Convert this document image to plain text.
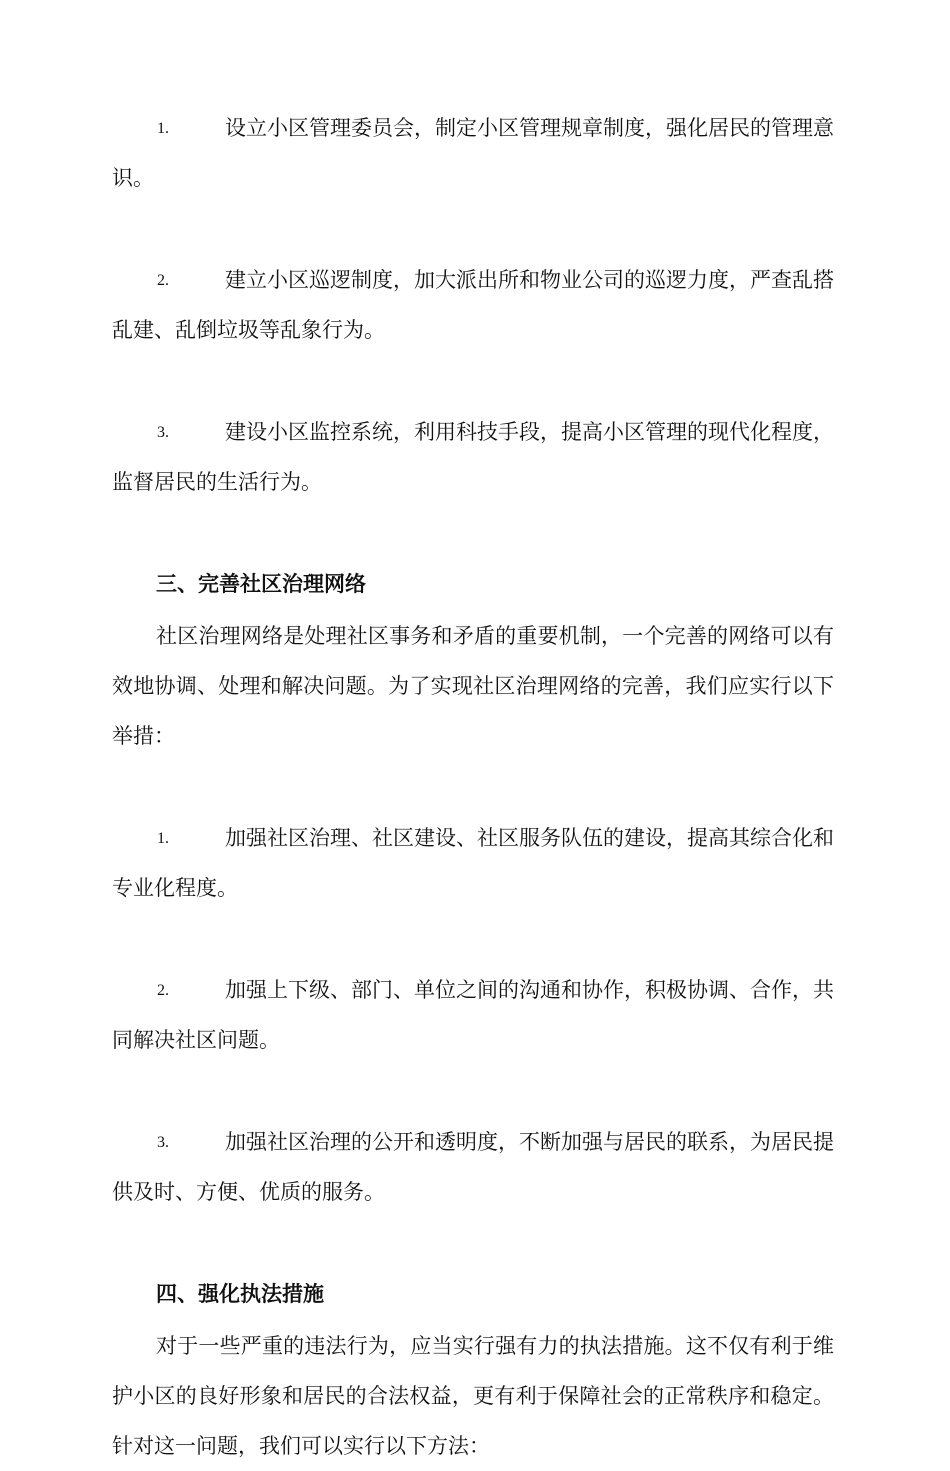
1.	设立小区管理委员会，制定小区管理规章制度，强化居民的管理意识。
2.	建立小区巡逻制度，加大派出所和物业公司的巡逻力度，严查乱搭乱建、乱倒垃圾等乱象行为。
3.	建设小区监控系统，利用科技手段，提高小区管理的现代化程度，监督居民的生活行为。
三、完善社区治理网络
社区治理网络是处理社区事务和矛盾的重要机制，一个完善的网络可以有效地协调、处理和解决问题。为了实现社区治理网络的完善，我们应实行以下举措：
1.	加强社区治理、社区建设、社区服务队伍的建设，提高其综合化和专业化程度。
2.	加强上下级、部门、单位之间的沟通和协作，积极协调、合作，共同解决社区问题。
3.	加强社区治理的公开和透明度，不断加强与居民的联系，为居民提供及时、方便、优质的服务。
四、强化执法措施
对于一些严重的违法行为，应当实行强有力的执法措施。这不仅有利于维护小区的良好形象和居民的合法权益，更有利于保障社会的正常秩序和稳定。针对这一问题，我们可以实行以下方法：
